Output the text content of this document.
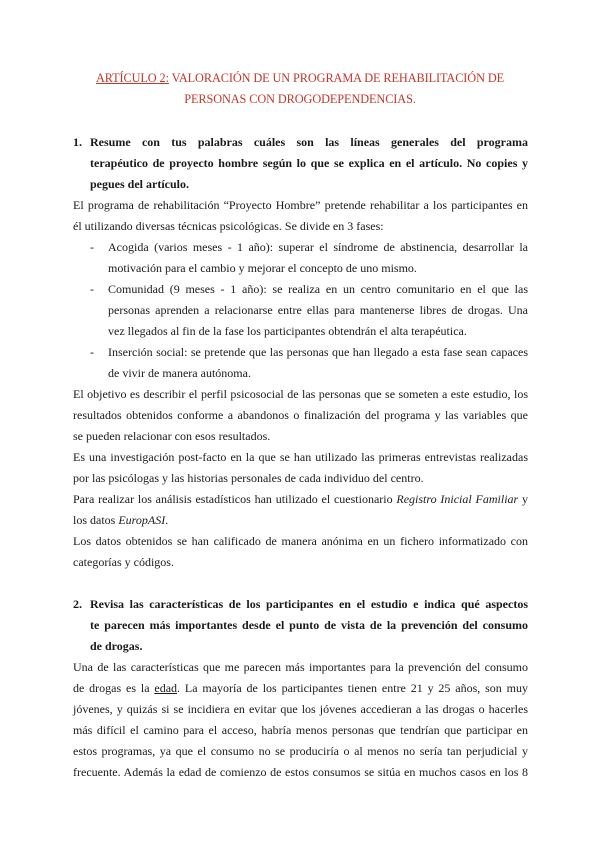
ARTÍCULO 2: VALORACIÓN DE UN PROGRAMA DE REHABILITACIÓN DE
PERSONAS CON DROGODEPENDENCIAS.
1. Resume con tus palabras cuáles son las líneas generales del programa
terapéutico de proyecto hombre según lo que se explica en el artículo. No copies y
pegues del artículo.
El programa de rehabilitación “Proyecto Hombre” pretende rehabilitar a los participantes en
él utilizando diversas técnicas psicológicas. Se divide en 3 fases:
- Acogida (varios meses - 1 año): superar el síndrome de abstinencia, desarrollar la
motivación para el cambio y mejorar el concepto de uno mismo.
- Comunidad (9 meses - 1 año): se realiza en un centro comunitario en el que las
personas aprenden a relacionarse entre ellas para mantenerse libres de drogas. Una
vez llegados al fin de la fase los participantes obtendrán el alta terapéutica.
- Inserción social: se pretende que las personas que han llegado a esta fase sean capaces
de vivir de manera autónoma.
El objetivo es describir el perfil psicosocial de las personas que se someten a este estudio, los
resultados obtenidos conforme a abandonos o finalización del programa y las variables que
se pueden relacionar con esos resultados.
Es una investigación post-facto en la que se han utilizado las primeras entrevistas realizadas
por las psicólogas y las historias personales de cada individuo del centro.
Para realizar los análisis estadísticos han utilizado el cuestionario Registro Inicial Familiar y
los datos EuropASI.
Los datos obtenidos se han calificado de manera anónima en un fichero informatizado con
categorías y códigos.
2. Revisa las características de los participantes en el estudio e indica qué aspectos
te parecen más importantes desde el punto de vista de la prevención del consumo
de drogas.
Una de las características que me parecen más importantes para la prevención del consumo
de drogas es la edad. La mayoría de los participantes tienen entre 21 y 25 años, son muy
jóvenes, y quizás si se incidiera en evitar que los jóvenes accedieran a las drogas o hacerles
más difícil el camino para el acceso, habría menos personas que tendrían que participar en
estos programas, ya que el consumo no se produciría o al menos no sería tan perjudicial y
frecuente. Además la edad de comienzo de estos consumos se sitúa en muchos casos en los 8
